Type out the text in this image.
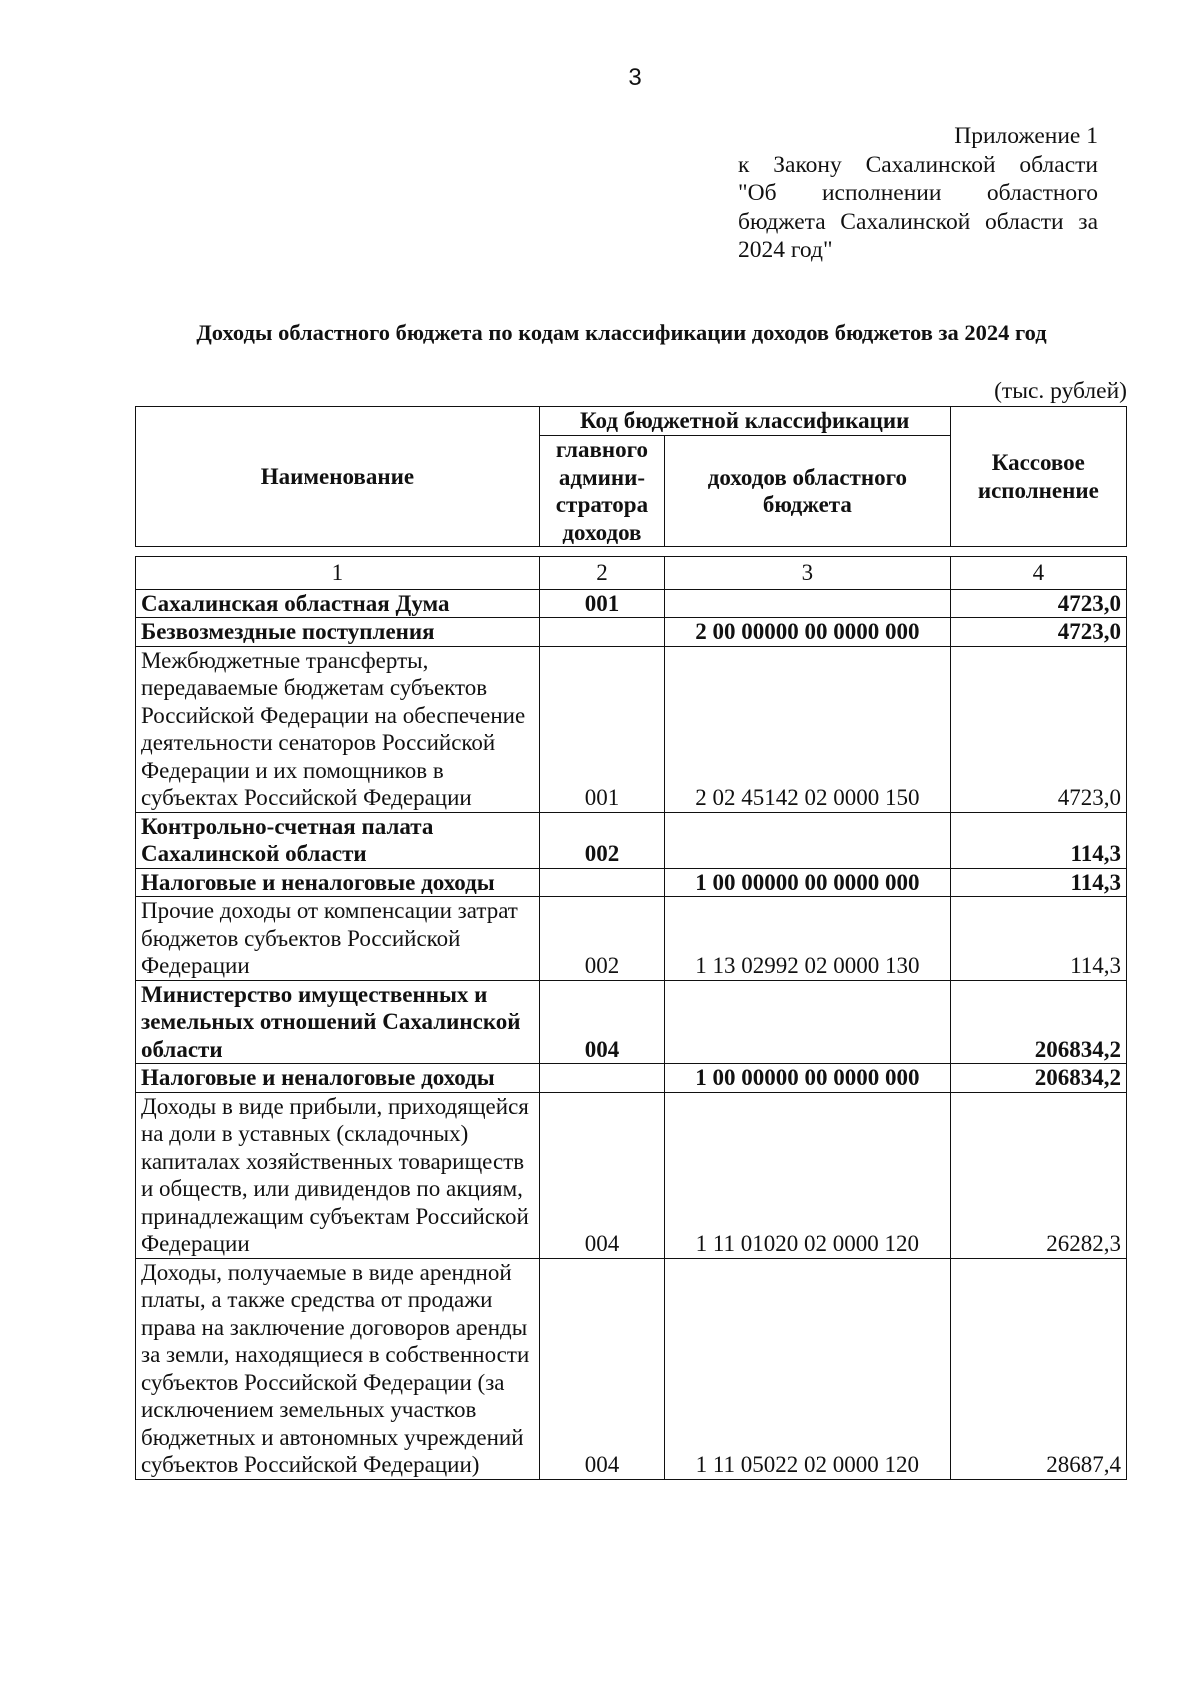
3
Приложение 1
к Закону Сахалинской области
"Об исполнении областного
бюджета Сахалинской области за
2024 год"
Доходы областного бюджета по кодам классификации доходов бюджетов за 2024 год
(тыс. рублей)
Наименование	Код бюджетной классификации		Кассовое исполнение
	главного админи-стратора доходов	доходов областного бюджета	
1	2	3	4
Сахалинская областная Дума	001		4723,0
Безвозмездные поступления		2 00 00000 00 0000 000	4723,0
Межбюджетные трансферты, передаваемые бюджетам субъектов Российской Федерации на обеспечение деятельности сенаторов Российской Федерации и их помощников в субъектах Российской Федерации	001	2 02 45142 02 0000 150	4723,0
Контрольно-счетная палата Сахалинской области	002		114,3
Налоговые и неналоговые доходы		1 00 00000 00 0000 000	114,3
Прочие доходы от компенсации затрат бюджетов субъектов Российской Федерации	002	1 13 02992 02 0000 130	114,3
Министерство имущественных и земельных отношений Сахалинской области	004		206834,2
Налоговые и неналоговые доходы		1 00 00000 00 0000 000	206834,2
Доходы в виде прибыли, приходящейся на доли в уставных (складочных) капиталах хозяйственных товариществ и обществ, или дивидендов по акциям, принадлежащим субъектам Российской Федерации	004	1 11 01020 02 0000 120	26282,3
Доходы, получаемые в виде арендной платы, а также средства от продажи права на заключение договоров аренды за земли, находящиеся в собственности субъектов Российской Федерации (за исключением земельных участков бюджетных и автономных учреждений субъектов Российской Федерации)	004	1 11 05022 02 0000 120	28687,4
